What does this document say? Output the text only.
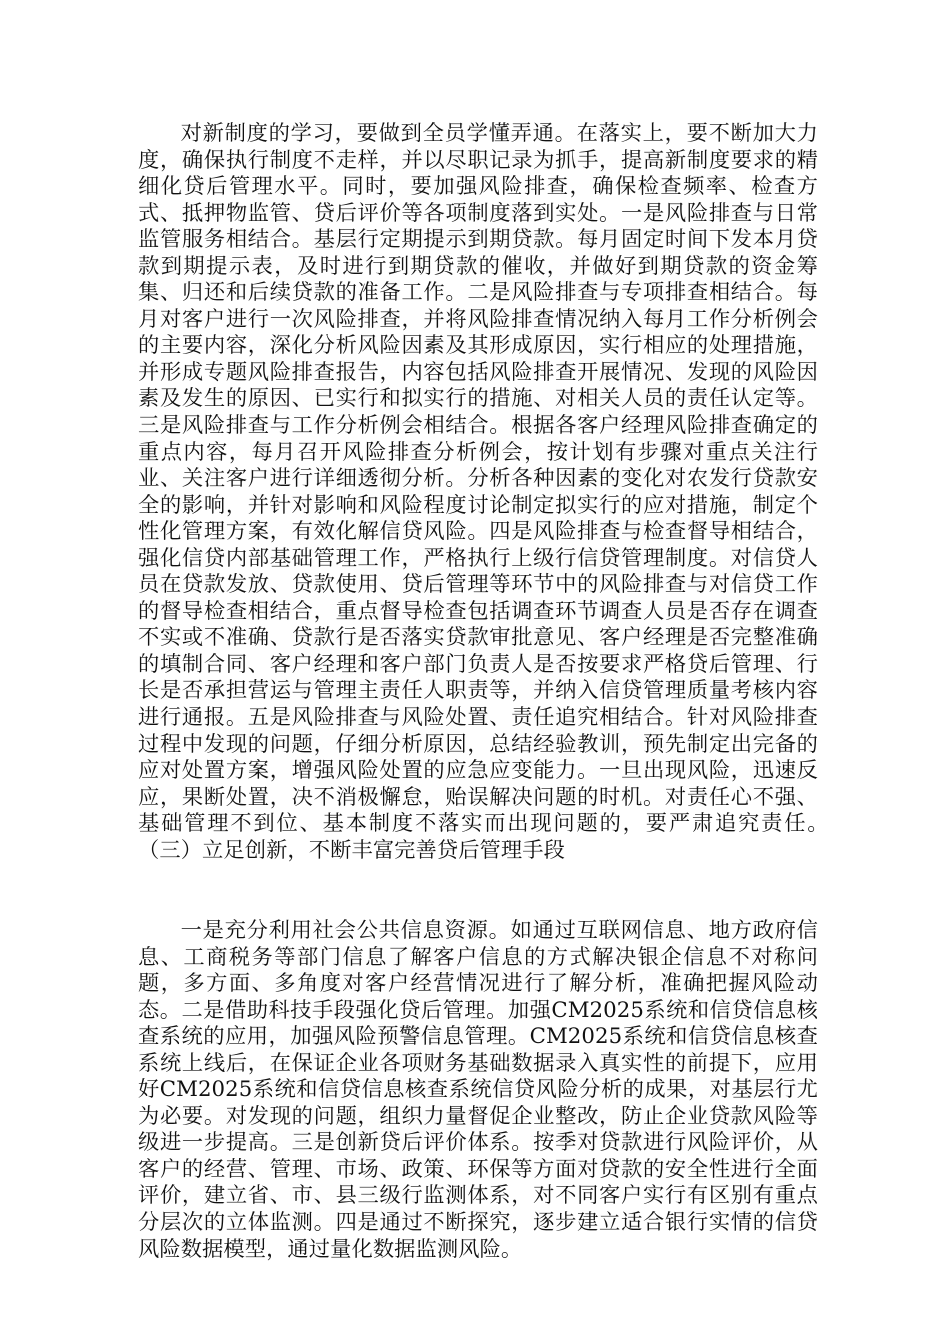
对新制度的学习，要做到全员学懂弄通。在落实上，要不断加大力度，确保执行制度不走样，并以尽职记录为抓手，提高新制度要求的精细化贷后管理水平。同时，要加强风险排查，确保检查频率、检查方式、抵押物监管、贷后评价等各项制度落到实处。一是风险排查与日常监管服务相结合。基层行定期提示到期贷款。每月固定时间下发本月贷款到期提示表，及时进行到期贷款的催收，并做好到期贷款的资金筹集、归还和后续贷款的准备工作。二是风险排查与专项排查相结合。每月对客户进行一次风险排查，并将风险排查情况纳入每月工作分析例会的主要内容，深化分析风险因素及其形成原因，实行相应的处理措施，并形成专题风险排查报告，内容包括风险排查开展情况、发现的风险因素及发生的原因、已实行和拟实行的措施、对相关人员的责任认定等。三是风险排查与工作分析例会相结合。根据各客户经理风险排查确定的重点内容，每月召开风险排查分析例会，按计划有步骤对重点关注行业、关注客户进行详细透彻分析。分析各种因素的变化对农发行贷款安全的影响，并针对影响和风险程度讨论制定拟实行的应对措施，制定个性化管理方案，有效化解信贷风险。四是风险排查与检查督导相结合，强化信贷内部基础管理工作，严格执行上级行信贷管理制度。对信贷人员在贷款发放、贷款使用、贷后管理等环节中的风险排查与对信贷工作的督导检查相结合，重点督导检查包括调查环节调查人员是否存在调查不实或不准确、贷款行是否落实贷款审批意见、客户经理是否完整准确的填制合同、客户经理和客户部门负责人是否按要求严格贷后管理、行长是否承担营运与管理主责任人职责等，并纳入信贷管理质量考核内容进行通报。五是风险排查与风险处置、责任追究相结合。针对风险排查过程中发现的问题，仔细分析原因，总结经验教训，预先制定出完备的应对处置方案，增强风险处置的应急应变能力。一旦出现风险，迅速反应，果断处置，决不消极懈怠，贻误解决问题的时机。对责任心不强、基础管理不到位、基本制度不落实而出现问题的，要严肃追究责任。　　　（三）立足创新，不断丰富完善贷后管理手段

一是充分利用社会公共信息资源。如通过互联网信息、地方政府信息、工商税务等部门信息了解客户信息的方式解决银企信息不对称问题，多方面、多角度对客户经营情况进行了解分析，准确把握风险动态。二是借助科技手段强化贷后管理。加强CM2025系统和信贷信息核查系统的应用，加强风险预警信息管理。CM2025系统和信贷信息核查系统上线后，在保证企业各项财务基础数据录入真实性的前提下，应用好CM2025系统和信贷信息核查系统信贷风险分析的成果，对基层行尤为必要。对发现的问题，组织力量督促企业整改，防止企业贷款风险等级进一步提高。三是创新贷后评价体系。按季对贷款进行风险评价，从客户的经营、管理、市场、政策、环保等方面对贷款的安全性进行全面评价，建立省、市、县三级行监测体系，对不同客户实行有区别有重点分层次的立体监测。四是通过不断探究，逐步建立适合银行实情的信贷风险数据模型，通过量化数据监测风险。
